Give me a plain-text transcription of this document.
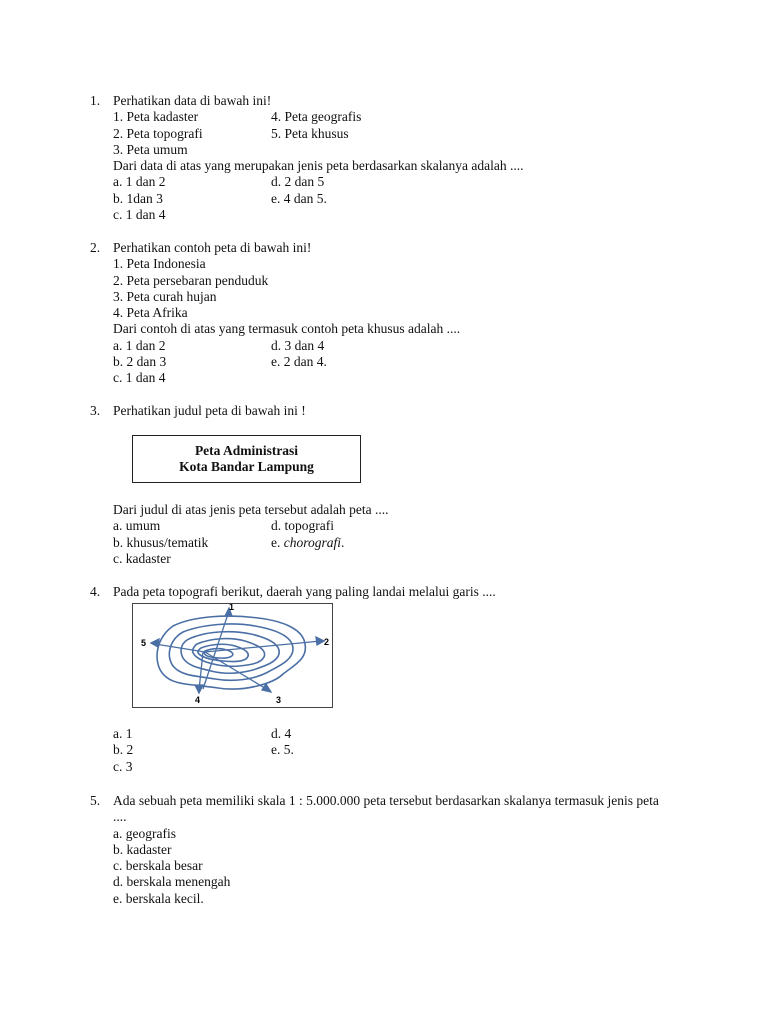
1. Perhatikan data di bawah ini!
1. Peta kadaster	4. Peta geografis
2. Peta topografi	5. Peta khusus
3. Peta umum
Dari data di atas yang merupakan jenis peta berdasarkan skalanya adalah ....
a. 1 dan 2	d. 2 dan 5
b. 1dan 3	e. 4 dan 5.
c. 1 dan 4
2. Perhatikan contoh peta di bawah ini!
1. Peta Indonesia
2. Peta persebaran penduduk
3. Peta curah hujan
4. Peta Afrika
Dari contoh di atas yang termasuk contoh peta khusus adalah ....
a. 1 dan 2	d. 3 dan 4
b. 2 dan 3	e. 2 dan 4.
c. 1 dan 4
3. Perhatikan judul peta di bawah ini !
Peta Administrasi
Kota Bandar Lampung
Dari judul di atas jenis peta tersebut adalah peta ....
a. umum	d. topografi
b. khusus/tematik	e. chorografi.
c. kadaster
4. Pada peta topografi berikut, daerah yang paling landai melalui garis ....
1
2
3
4
5
a. 1	d. 4
b. 2	e. 5.
c. 3
5. Ada sebuah peta memiliki skala 1 : 5.000.000 peta tersebut berdasarkan skalanya termasuk jenis peta
....
a. geografis
b. kadaster
c. berskala besar
d. berskala menengah
e. berskala kecil.
